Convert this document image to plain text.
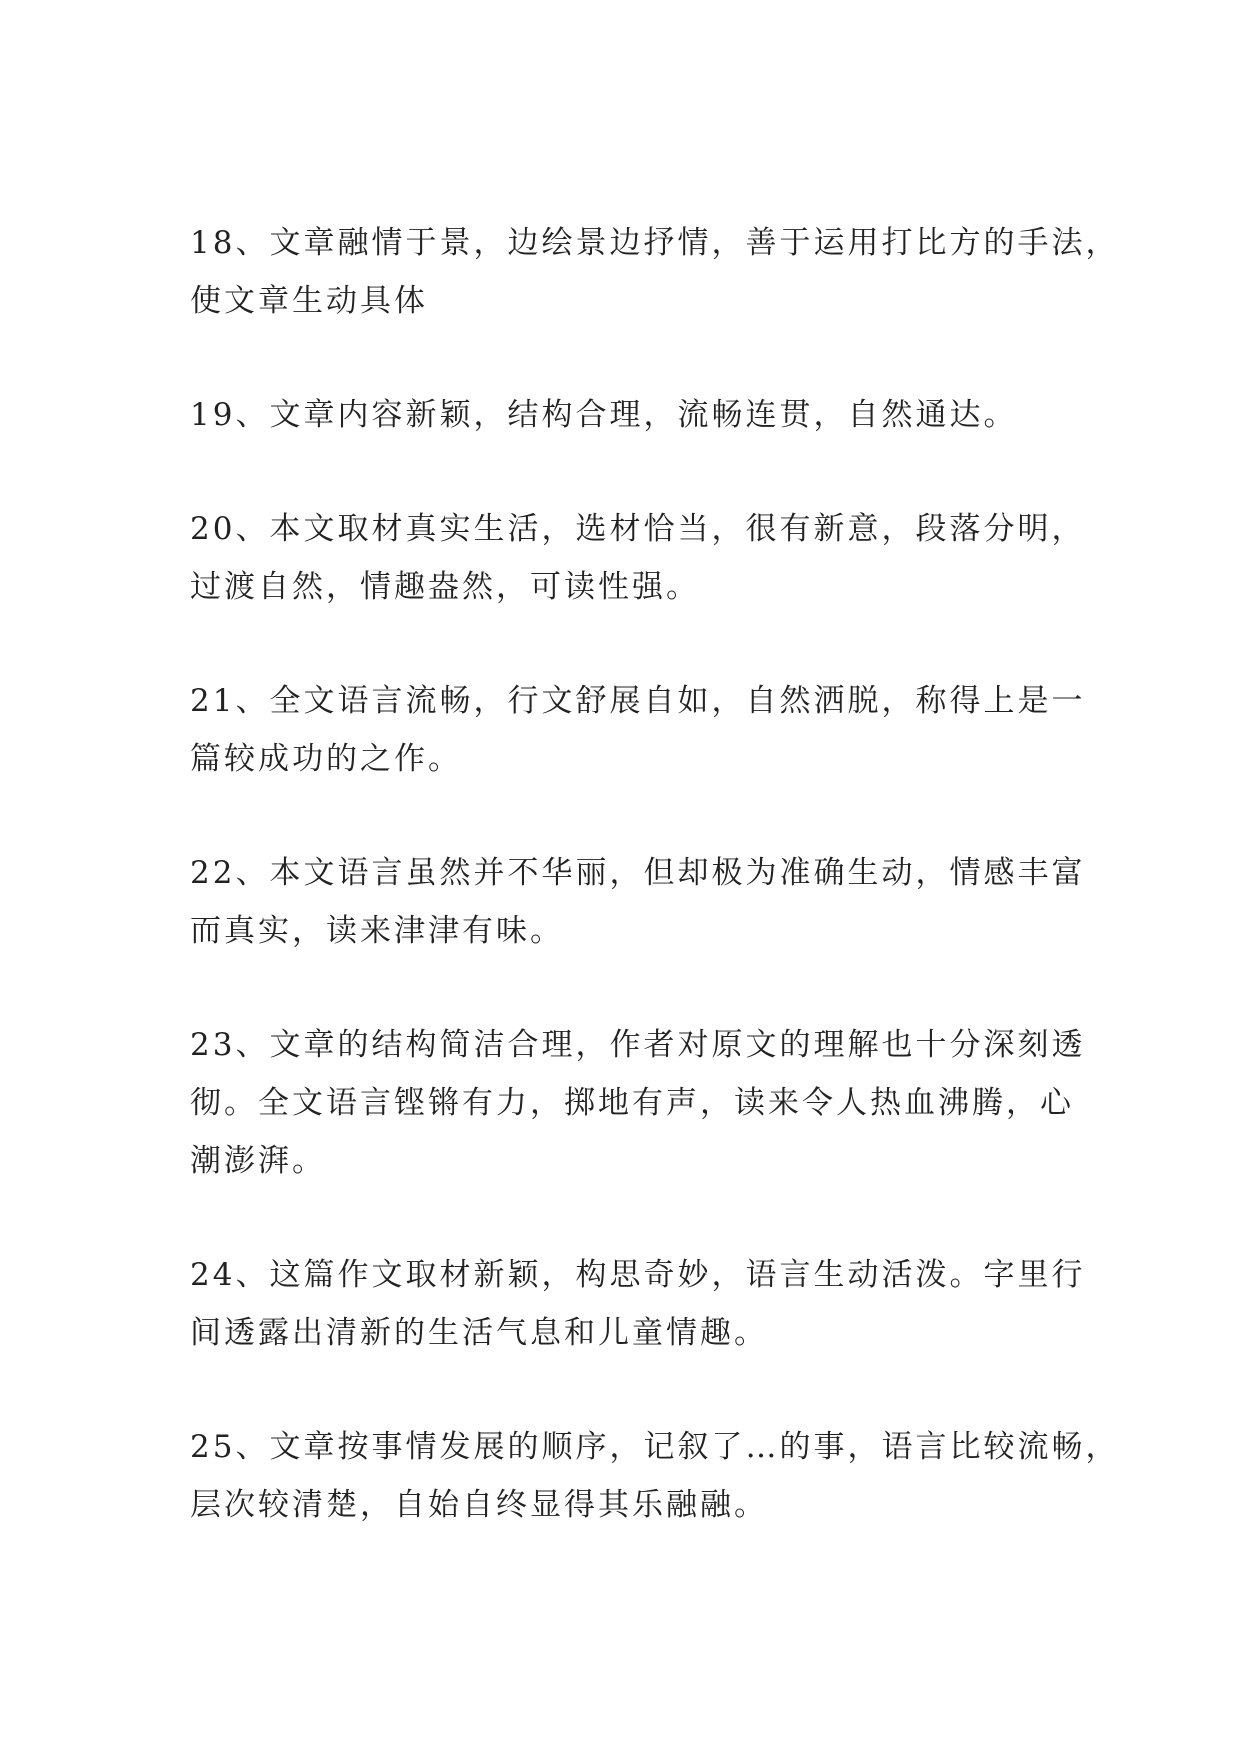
18、文章融情于景，边绘景边抒情，善于运用打比方的手法，
使文章生动具体

19、文章内容新颖，结构合理，流畅连贯，自然通达。

20、本文取材真实生活，选材恰当，很有新意，段落分明，
过渡自然，情趣盎然，可读性强。

21、全文语言流畅，行文舒展自如，自然洒脱，称得上是一
篇较成功的之作。

22、本文语言虽然并不华丽，但却极为准确生动，情感丰富
而真实，读来津津有味。

23、文章的结构简洁合理，作者对原文的理解也十分深刻透
彻。全文语言铿锵有力，掷地有声，读来令人热血沸腾，心
潮澎湃。

24、这篇作文取材新颖，构思奇妙，语言生动活泼。字里行
间透露出清新的生活气息和儿童情趣。

25、文章按事情发展的顺序，记叙了…的事，语言比较流畅，
层次较清楚，自始自终显得其乐融融。
